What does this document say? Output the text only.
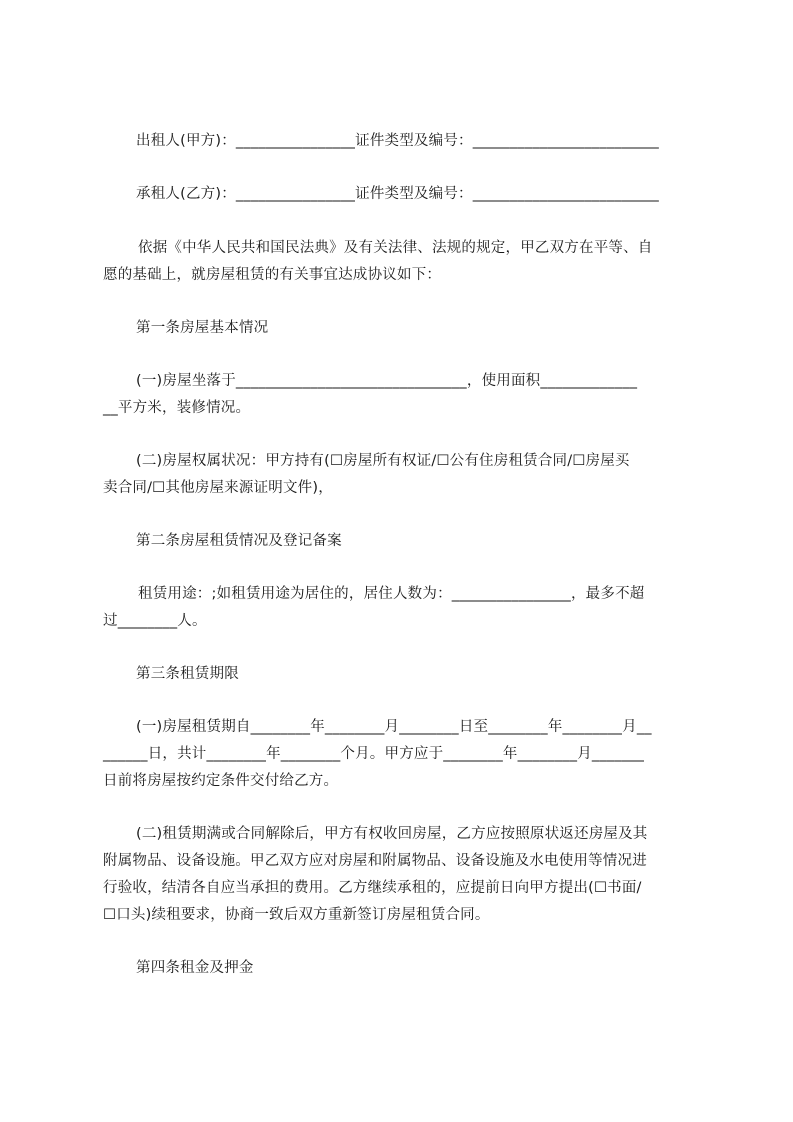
出租人(甲方)：________________证件类型及编号：_________________________
承租人(乙方)：________________证件类型及编号：_________________________
依据《中华人民共和国民法典》及有关法律、法规的规定，甲乙双方在平等、自
愿的基础上，就房屋租赁的有关事宜达成协议如下：
第一条房屋基本情况
(一)房屋坐落于_______________________________，使用面积_____________
__平方米，装修情况。
(二)房屋权属状况：甲方持有(☐房屋所有权证/☐公有住房租赁合同/☐房屋买
卖合同/☐其他房屋来源证明文件)，
第二条房屋租赁情况及登记备案
租赁用途：;如租赁用途为居住的，居住人数为：________________，最多不超
过________人。
第三条租赁期限
(一)房屋租赁期自________年________月________日至________年________月__
______日，共计________年________个月。甲方应于________年________月_______
日前将房屋按约定条件交付给乙方。
(二)租赁期满或合同解除后，甲方有权收回房屋，乙方应按照原状返还房屋及其
附属物品、设备设施。甲乙双方应对房屋和附属物品、设备设施及水电使用等情况进
行验收，结清各自应当承担的费用。乙方继续承租的，应提前日向甲方提出(☐书面/
☐口头)续租要求，协商一致后双方重新签订房屋租赁合同。
第四条租金及押金
